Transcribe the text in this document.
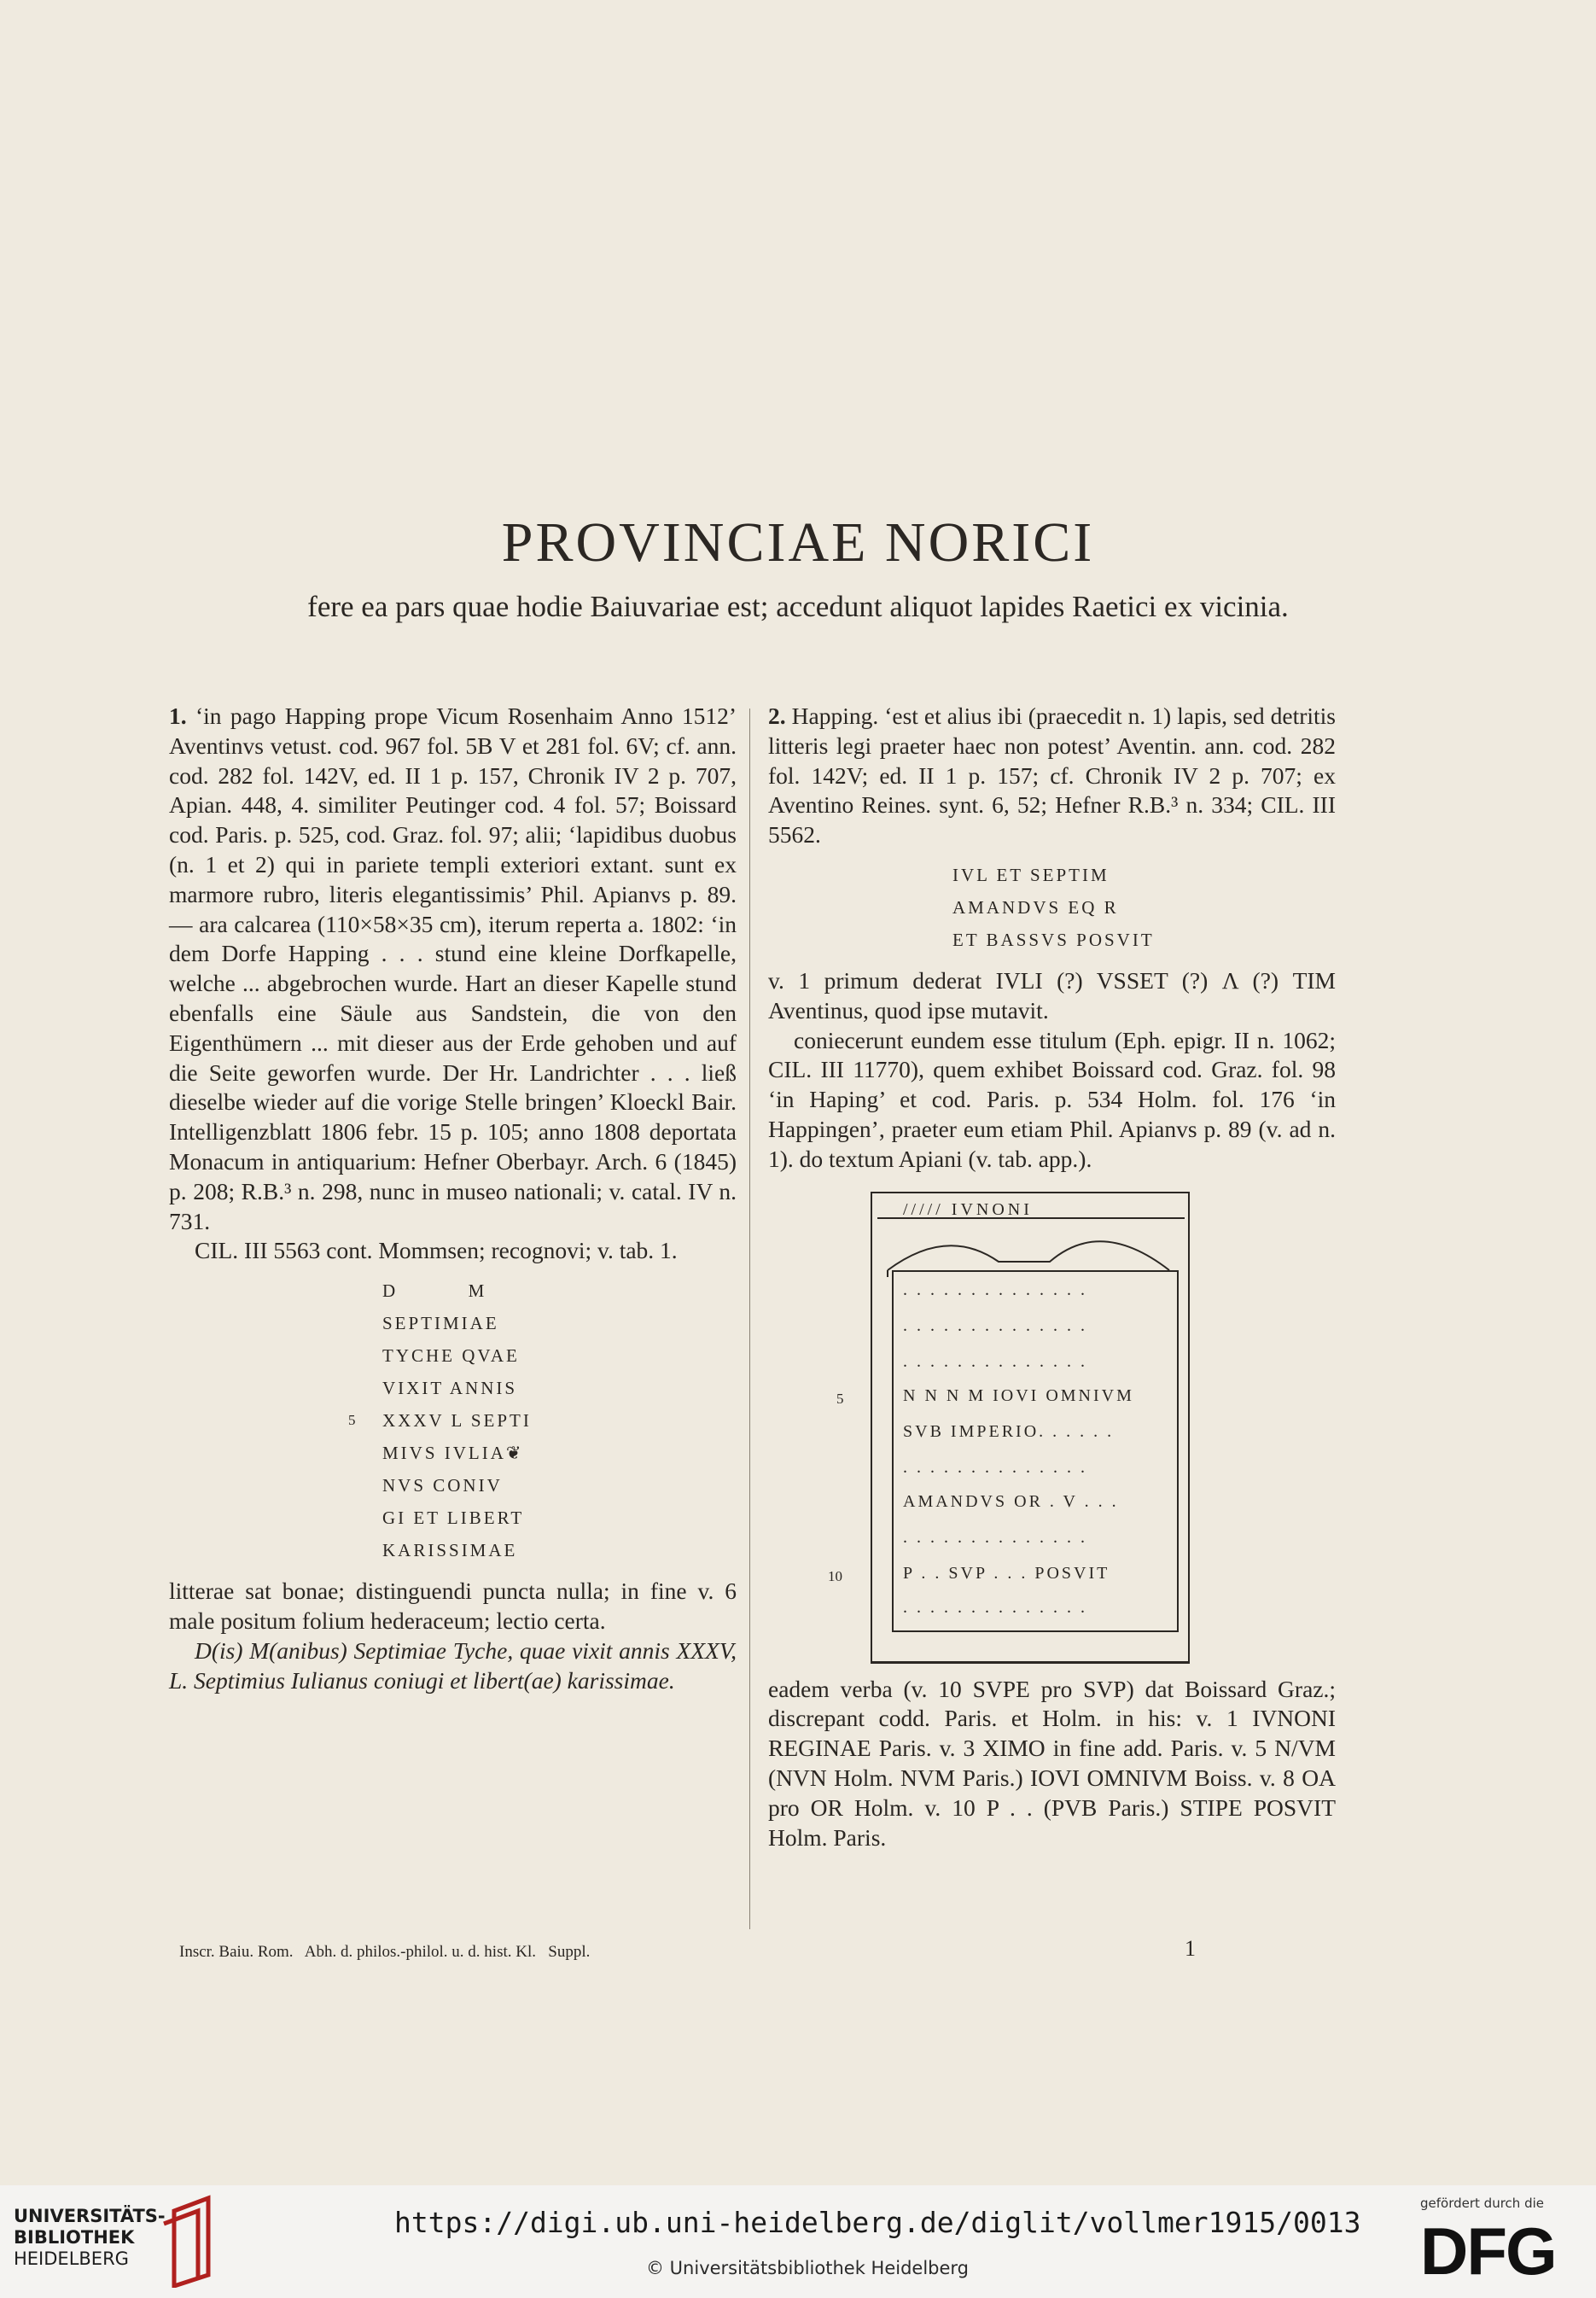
PROVINCIAE NORICI
fere ea pars quae hodie Baiuvariae est; accedunt aliquot lapides Raetici ex vicinia.

1. ‘in pago Happing prope Vicum Rosenhaim Anno 1512’ Aventinvs vetust. cod. 967 fol. 5B V et 281 fol. 6V; cf. ann. cod. 282 fol. 142V, ed. II 1 p. 157, Chronik IV 2 p. 707, Apian. 448, 4. similiter Peutinger cod. 4 fol. 57; Boissard cod. Paris. p. 525, cod. Graz. fol. 97; alii; ‘lapidibus duobus (n. 1 et 2) qui in pariete templi exteriori extant. sunt ex marmore rubro, literis elegantissimis’ Phil. Apianvs p. 89. — ara calcarea (110×58×35 cm), iterum reperta a. 1802: ‘in dem Dorfe Happing . . . stund eine kleine Dorfkapelle, welche ... abgebrochen wurde. Hart an dieser Kapelle stund ebenfalls eine Säule aus Sandstein, die von den Eigenthümern ... mit dieser aus der Erde gehoben und auf die Seite geworfen wurde. Der Hr. Landrichter . . . ließ dieselbe wieder auf die vorige Stelle bringen’ Kloeckl Bair. Intelligenzblatt 1806 febr. 15 p. 105; anno 1808 deportata Monacum in antiquarium: Hefner Oberbayr. Arch. 6 (1845) p. 208; R.B.³ n. 298, nunc in museo nationali; v. catal. IV n. 731.

CIL. III 5563 cont. Mommsen; recognovi; v. tab. 1.

D          M
SEPTIMIAE
TYCHE QVAE
VIXIT ANNIS
5 XXXV L SEPTI
MIVS IVLIA❦
NVS CONIV
GI ET LIBERT
KARISSIMAE

litterae sat bonae; distinguendi puncta nulla; in fine v. 6 male positum folium hederaceum; lectio certa.

D(is) M(anibus) Septimiae Tyche, quae vixit annis XXXV, L. Septimius Iulianus coniugi et libert(ae) karissimae.

2. Happing. ‘est et alius ibi (praecedit n. 1) lapis, sed detritis litteris legi praeter haec non potest’ Aventin. ann. cod. 282 fol. 142V; ed. II 1 p. 157; cf. Chronik IV 2 p. 707; ex Aventino Reines. synt. 6, 52; Hefner R.B.³ n. 334; CIL. III 5562.

IVL ET SEPTIM
AMANDVS EQ R
ET BASSVS POSVIT

v. 1 primum dederat IVLI (?) VSSET (?) Λ (?) TIM Aventinus, quod ipse mutavit.

coniecerunt eundem esse titulum (Eph. epigr. II n. 1062; CIL. III 11770), quem exhibet Boissard cod. Graz. fol. 98 ‘in Haping’ et cod. Paris. p. 534 Holm. fol. 176 ‘in Happingen’, praeter eum etiam Phil. Apianvs p. 89 (v. ad n. 1). do textum Apiani (v. tab. app.).

///// IVNONI
. . . . . . . . . . . . . .
. . . . . . . . . . . . . .
. . . . . . . . . . . . . .
5	N N N M IOVI OMNIVM
SVB IMPERIO. . . . . .
. . . . . . . . . . . . . .
AMANDVS OR . V . . .
. . . . . . . . . . . . . .
10	P . . SVP . . . POSVIT
. . . . . . . . . . . . . .

eadem verba (v. 10 SVPE pro SVP) dat Boissard Graz.; discrepant codd. Paris. et Holm. in his: v. 1 IVNONI REGINAE Paris. v. 3 XIMO in fine add. Paris. v. 5 N/VM (NVN Holm. NVM Paris.) IOVI OMNIVM Boiss. v. 8 OA pro OR Holm. v. 10 P . . (PVB Paris.) STIPE POSVIT Holm. Paris.

Inscr. Baiu. Rom.   Abh. d. philos.-philol. u. d. hist. Kl.   Suppl.	1
UNIVERSITÄTS-
BIBLIOTHEK
HEIDELBERG
https://digi.ub.uni-heidelberg.de/diglit/vollmer1915/0013
© Universitätsbibliothek Heidelberg
gefördert durch die
DFG
